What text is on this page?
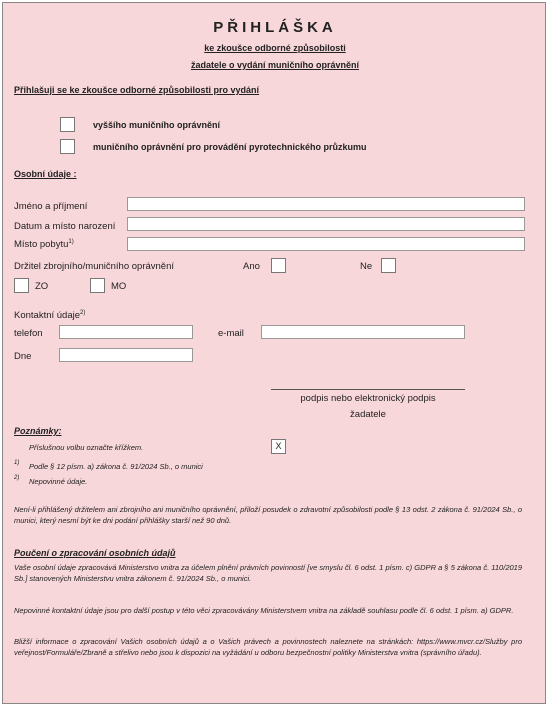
PŘIHLÁŠKA
ke zkoušce odborné způsobilosti
žadatele o vydání muničního oprávnění
Přihlašuji se ke zkoušce odborné způsobilosti pro vydání
vyššího muničního oprávnění
muničního oprávnění pro provádění pyrotechnického průzkumu
Osobní údaje :
Jméno a příjmení
Datum a místo narození
Místo pobytu$^{1)}$
Držitel zbrojního/muničního oprávnění	Ano	Ne
ZO	MO
Kontaktní údaje$^{2)}$
telefon	e-mail
Dne
podpis nebo elektronický podpis
žadatele
Poznámky:
Příslušnou volbu označte křížkem.	X
1) Podle § 12 písm. a) zákona č. 91/2024 Sb., o munici
2) Nepovinné údaje.
Není-li přihlášený držitelem ani zbrojního ani muničního oprávnění, přiloží posudek o zdravotní způsobilosti podle § 13 odst. 2 zákona č. 91/2024 Sb., o munici, který nesmí být ke dni podání přihlášky starší než 90 dnů.
Poučení o zpracování osobních údajů
Vaše osobní údaje zpracovává Ministerstvo vnitra za účelem plnění právních povinností [ve smyslu čl. 6 odst. 1 písm. c) GDPR a § 5 zákona č. 110/2019 Sb.] stanovených Ministerstvu vnitra zákonem č. 91/2024 Sb., o munici.
Nepovinné kontaktní údaje jsou pro další postup v této věci zpracovávány Ministerstvem vnitra na základě souhlasu podle čl. 6 odst. 1 písm. a) GDPR.
Bližší informace o zpracování Vašich osobních údajů a o Vašich právech a povinnostech naleznete na stránkách: https://www.mvcr.cz/Služby pro veřejnost/Formuláře/Zbraně a střelivo nebo jsou k dispozici na vyžádání u odboru bezpečnostní politiky Ministerstva vnitra (správního úřadu).
